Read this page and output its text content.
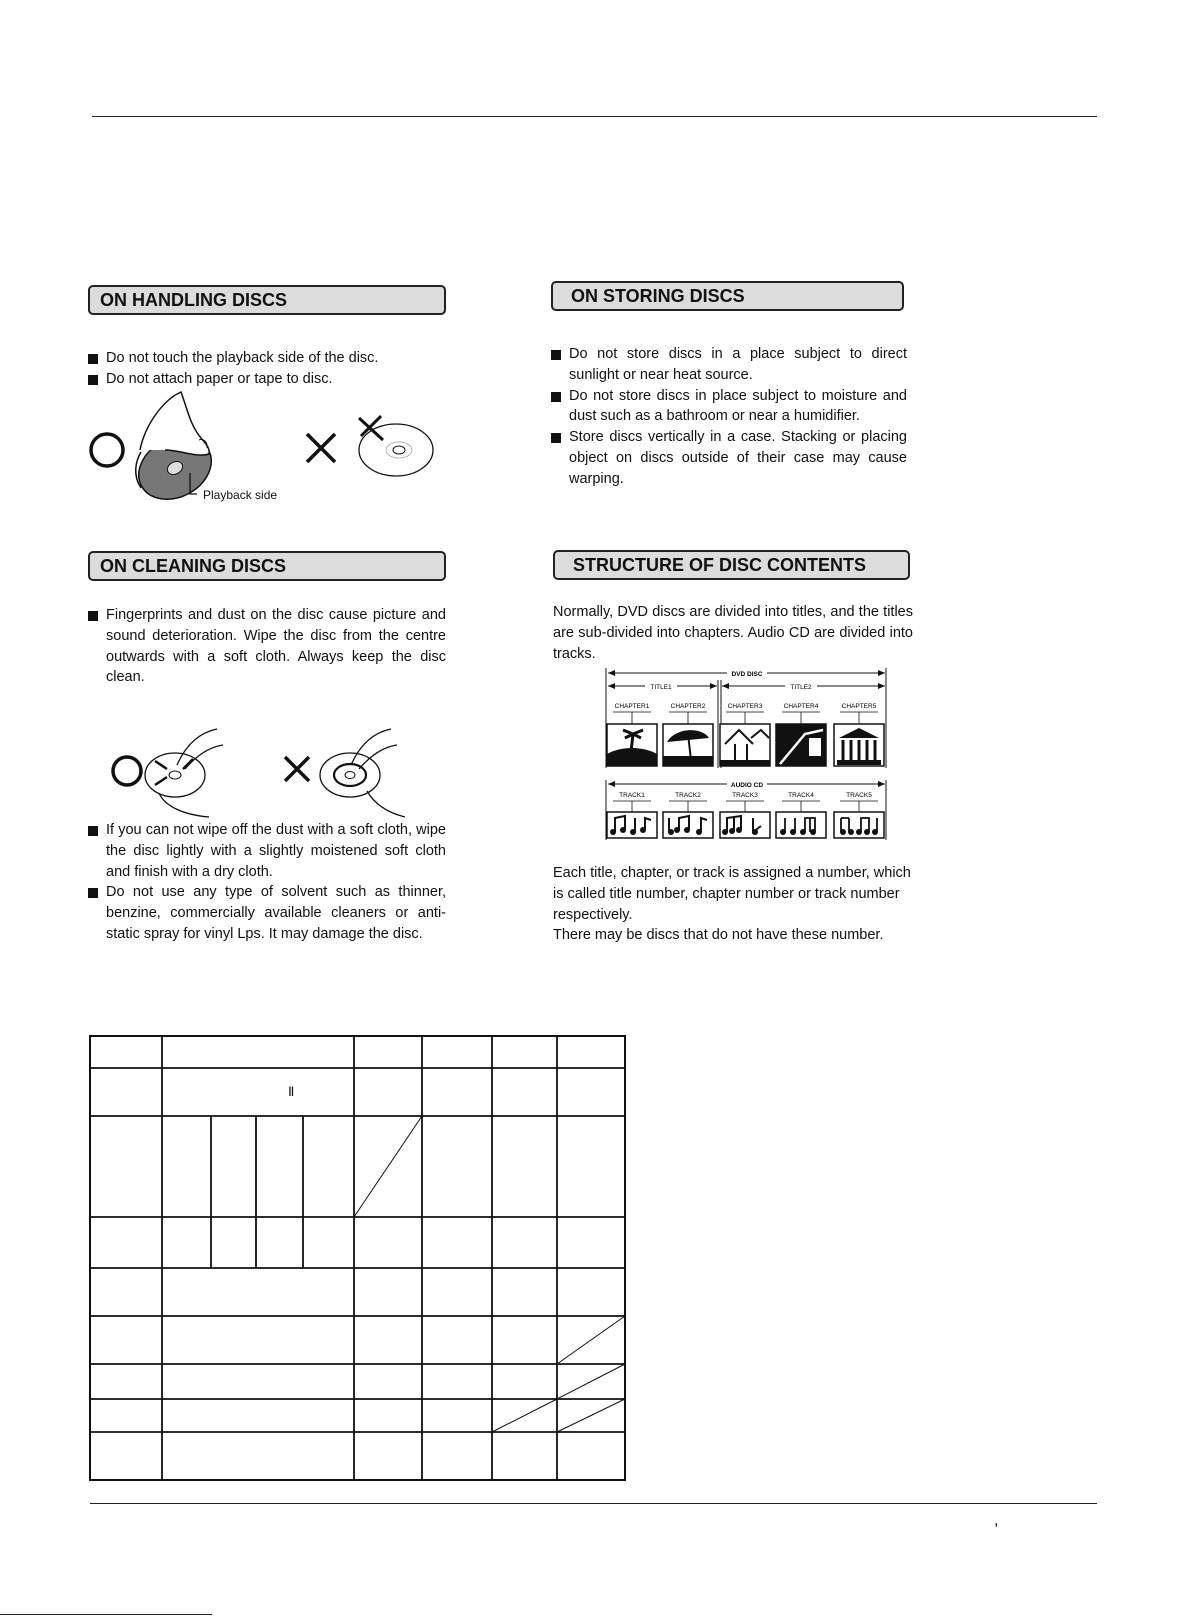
ON HANDLING DISCS
Do not touch the playback side of the disc.
Do not attach paper or tape to disc.
Playback side
ON STORING DISCS
Do not store discs in a place subject to direct sunlight or near heat source.
Do not store discs in place subject to moisture and dust such as a bathroom or near a humidifier.
Store discs vertically in a case. Stacking or placing object on discs outside of their case may cause warping.
ON CLEANING DISCS
Fingerprints and dust on the disc cause picture and sound deterioration. Wipe the disc from the centre outwards with a soft cloth. Always keep the disc clean.
If you can not wipe off the dust with a soft cloth, wipe the disc lightly with a slightly moistened soft cloth and finish with a dry cloth.
Do not use any type of solvent such as thinner, benzine, commercially available cleaners or anti-static spray for vinyl Lps. It may damage the disc.
STRUCTURE OF DISC CONTENTS

Normally, DVD discs are divided into titles, and the titles are sub-divided into chapters. Audio CD are divided into tracks.

DVD DISC
TITLE1	TITLE2
CHAPTER1	CHAPTER2	CHAPTER3	CHAPTER4	CHAPTER5
AUDIO CD
TRACK1	TRACK2	TRACK3	TRACK4	TRACK5
Each title, chapter, or track is assigned a number, which is called title number, chapter number or track number respectively.
There may be discs that do not have these number.
Ⅱ
,
